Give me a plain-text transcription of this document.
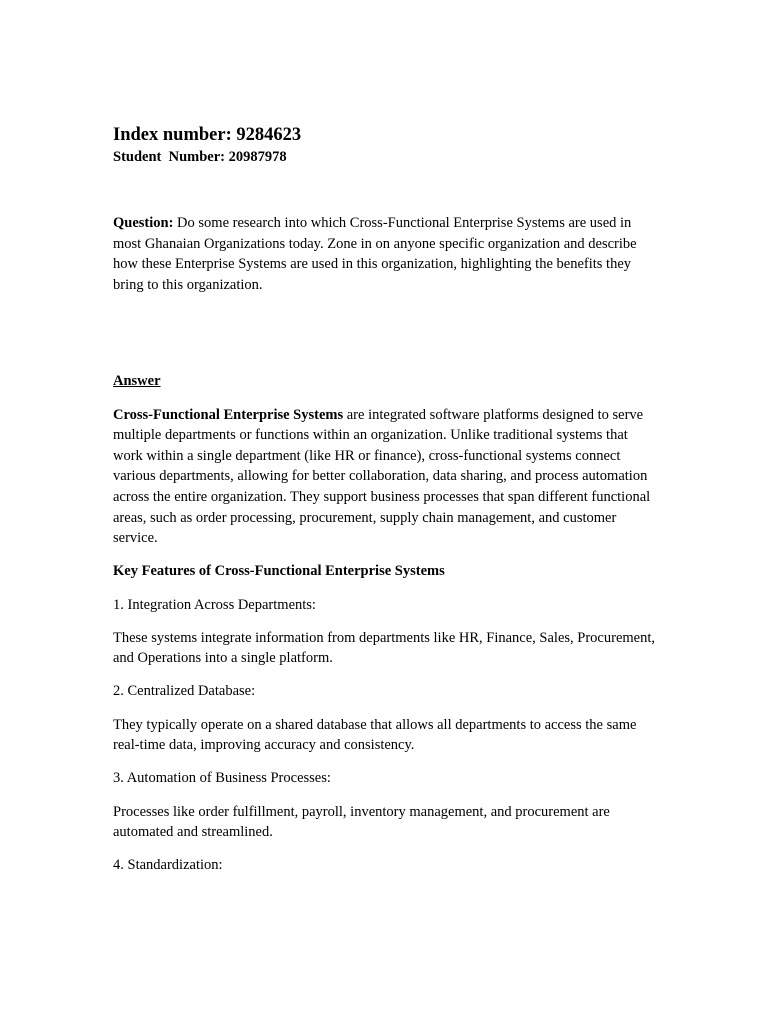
Index number: 9284623
Student  Number: 20987978

Question: Do some research into which Cross-Functional Enterprise Systems are used in most Ghanaian Organizations today. Zone in on anyone specific organization and describe how these Enterprise Systems are used in this organization, highlighting the benefits they bring to this organization.

Answer

Cross-Functional Enterprise Systems are integrated software platforms designed to serve multiple departments or functions within an organization. Unlike traditional systems that work within a single department (like HR or finance), cross-functional systems connect various departments, allowing for better collaboration, data sharing, and process automation across the entire organization. They support business processes that span different functional areas, such as order processing, procurement, supply chain management, and customer service.

Key Features of Cross-Functional Enterprise Systems

1. Integration Across Departments:

These systems integrate information from departments like HR, Finance, Sales, Procurement, and Operations into a single platform.

2. Centralized Database:

They typically operate on a shared database that allows all departments to access the same real-time data, improving accuracy and consistency.

3. Automation of Business Processes:

Processes like order fulfillment, payroll, inventory management, and procurement are automated and streamlined.

4. Standardization:
